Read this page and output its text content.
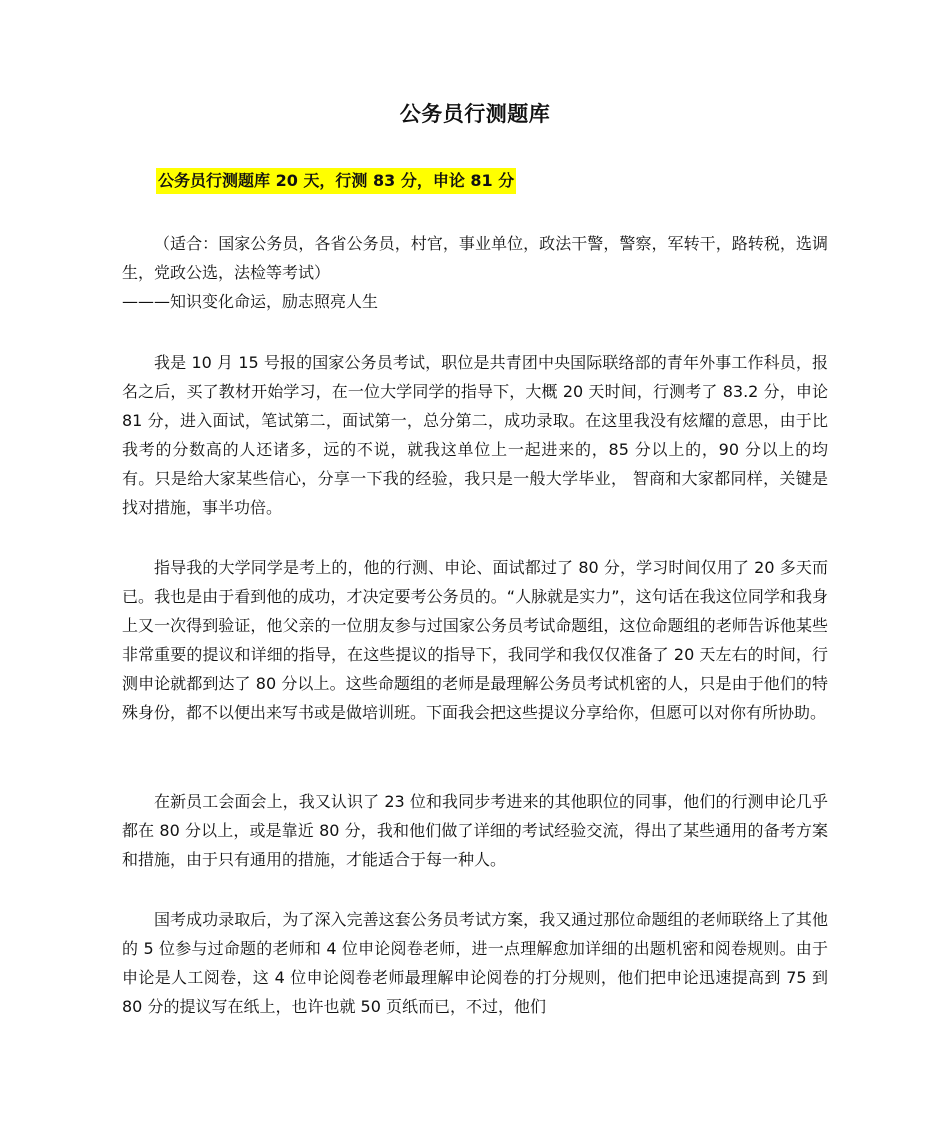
公务员行测题库
公务员行测题库 20 天，行测 83 分，申论 81 分

（适合：国家公务员，各省公务员，村官，事业单位，政法干警，警察，军转干，路转税，选调生，党政公选，法检等考试）

———知识变化命运，励志照亮人生

我是 10 月 15 号报的国家公务员考试，职位是共青团中央国际联络部的青年外事工作科员，报名之后，买了教材开始学习，在一位大学同学的指导下，大概 20 天时间，行测考了 83.2 分，申论 81 分，进入面试，笔试第二，面试第一，总分第二，成功录取。在这里我没有炫耀的意思，由于比我考的分数高的人还诸多，远的不说，就我这单位上一起进来的，85 分以上的，90 分以上的均有。只是给大家某些信心，分享一下我的经验，我只是一般大学毕业， 智商和大家都同样，关键是找对措施，事半功倍。

指导我的大学同学是考上的，他的行测、申论、面试都过了 80 分，学习时间仅用了 20 多天而已。我也是由于看到他的成功，才决定要考公务员的。“人脉就是实力”，这句话在我这位同学和我身上又一次得到验证，他父亲的一位朋友参与过国家公务员考试命题组，这位命题组的老师告诉他某些非常重要的提议和详细的指导，在这些提议的指导下，我同学和我仅仅准备了 20 天左右的时间，行测申论就都到达了 80 分以上。这些命题组的老师是最理解公务员考试机密的人，只是由于他们的特殊身份，都不以便出来写书或是做培训班。下面我会把这些提议分享给你，但愿可以对你有所协助。

在新员工会面会上，我又认识了 23 位和我同步考进来的其他职位的同事，他们的行测申论几乎都在 80 分以上，或是靠近 80 分，我和他们做了详细的考试经验交流，得出了某些通用的备考方案和措施，由于只有通用的措施，才能适合于每一种人。

国考成功录取后，为了深入完善这套公务员考试方案，我又通过那位命题组的老师联络上了其他的 5 位参与过命题的老师和 4 位申论阅卷老师，进一点理解愈加详细的出题机密和阅卷规则。由于申论是人工阅卷，这 4 位申论阅卷老师最理解申论阅卷的打分规则，他们把申论迅速提高到 75 到 80 分的提议写在纸上，也许也就 50 页纸而已，不过，他们
